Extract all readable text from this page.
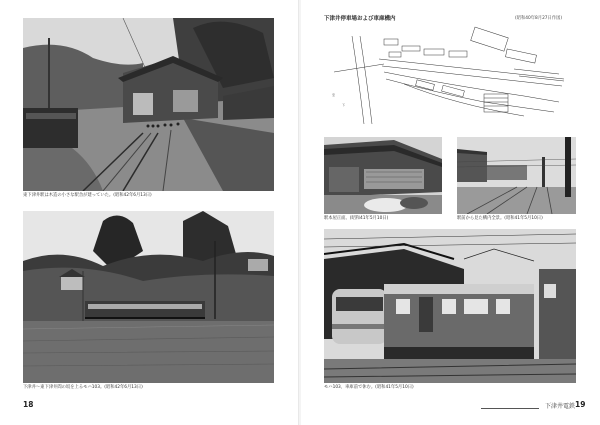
東下津井駅は木造の小さな駅舎が建っていた。(昭和42年6月13日)
下津井〜東下津井間の坂を上るモハ103。(昭和42年6月13日)
18
下津井停車場および車庫構内	(昭和40年8月27日作図)
至
下
駅本屋正面。(昭和41年5月10日)	駅前から見た構内全景。(昭和41年5月10日)
モハ103、車庫前で休む。(昭和41年5月10日)
下津井電鉄 19
